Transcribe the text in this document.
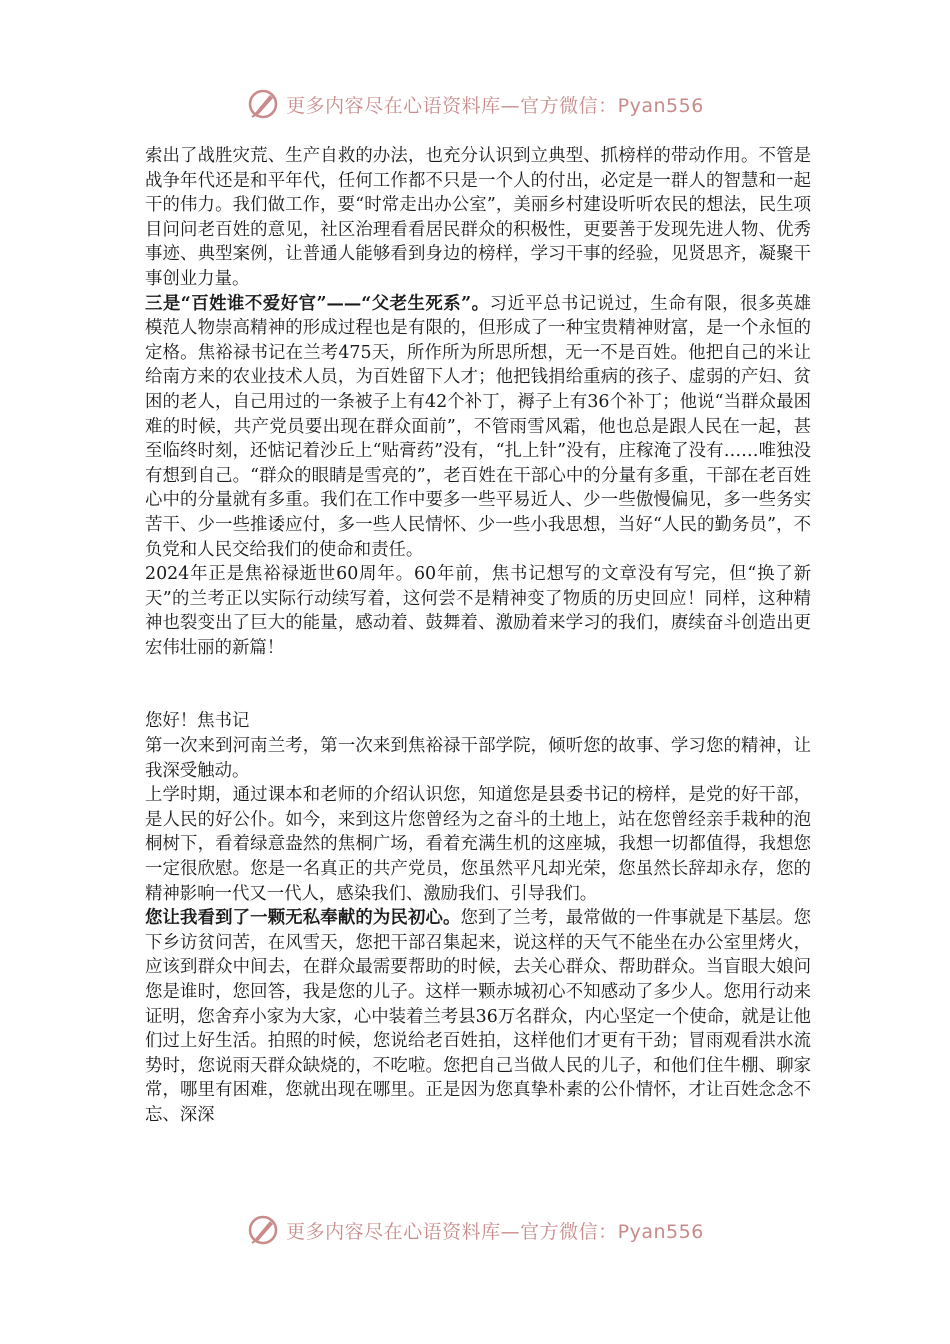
更多内容尽在心语资料库—官方微信：Pyan556

索出了战胜灾荒、生产自救的办法，也充分认识到立典型、抓榜样的带动作用。不管是战争年代还是和平年代，任何工作都不只是一个人的付出，必定是一群人的智慧和一起干的伟力。我们做工作，要“时常走出办公室”，美丽乡村建设听听农民的想法，民生项目问问老百姓的意见，社区治理看看居民群众的积极性，更要善于发现先进人物、优秀事迹、典型案例，让普通人能够看到身边的榜样，学习干事的经验，见贤思齐，凝聚干事创业力量。

三是“百姓谁不爱好官”——“父老生死系”。习近平总书记说过，生命有限，很多英雄模范人物崇高精神的形成过程也是有限的，但形成了一种宝贵精神财富，是一个永恒的定格。焦裕禄书记在兰考475天，所作所为所思所想，无一不是百姓。他把自己的米让给南方来的农业技术人员，为百姓留下人才；他把钱捐给重病的孩子、虚弱的产妇、贫困的老人，自己用过的一条被子上有42个补丁，褥子上有36个补丁；他说“当群众最困难的时候，共产党员要出现在群众面前”，不管雨雪风霜，他也总是跟人民在一起，甚至临终时刻，还惦记着沙丘上“贴膏药”没有，“扎上针”没有，庄稼淹了没有……唯独没有想到自己。“群众的眼睛是雪亮的”，老百姓在干部心中的分量有多重，干部在老百姓心中的分量就有多重。我们在工作中要多一些平易近人、少一些傲慢偏见，多一些务实苦干、少一些推诿应付，多一些人民情怀、少一些小我思想，当好“人民的勤务员”，不负党和人民交给我们的使命和责任。

2024年正是焦裕禄逝世60周年。60年前，焦书记想写的文章没有写完，但“换了新天”的兰考正以实际行动续写着，这何尝不是精神变了物质的历史回应！同样，这种精神也裂变出了巨大的能量，感动着、鼓舞着、激励着来学习的我们，赓续奋斗创造出更宏伟壮丽的新篇！

您好！焦书记

第一次来到河南兰考，第一次来到焦裕禄干部学院，倾听您的故事、学习您的精神，让我深受触动。

上学时期，通过课本和老师的介绍认识您，知道您是县委书记的榜样，是党的好干部，是人民的好公仆。如今，来到这片您曾经为之奋斗的土地上，站在您曾经亲手栽种的泡桐树下，看着绿意盎然的焦桐广场，看着充满生机的这座城，我想一切都值得，我想您一定很欣慰。您是一名真正的共产党员，您虽然平凡却光荣，您虽然长辞却永存，您的精神影响一代又一代人，感染我们、激励我们、引导我们。

您让我看到了一颗无私奉献的为民初心。您到了兰考，最常做的一件事就是下基层。您下乡访贫问苦，在风雪天，您把干部召集起来，说这样的天气不能坐在办公室里烤火，应该到群众中间去，在群众最需要帮助的时候，去关心群众、帮助群众。当盲眼大娘问您是谁时，您回答，我是您的儿子。这样一颗赤城初心不知感动了多少人。您用行动来证明，您舍弃小家为大家，心中装着兰考县36万名群众，内心坚定一个使命，就是让他们过上好生活。拍照的时候，您说给老百姓拍，这样他们才更有干劲；冒雨观看洪水流势时，您说雨天群众缺烧的，不吃啦。您把自己当做人民的儿子，和他们住牛棚、聊家常，哪里有困难，您就出现在哪里。正是因为您真挚朴素的公仆情怀，才让百姓念念不忘、深深

更多内容尽在心语资料库—官方微信：Pyan556
